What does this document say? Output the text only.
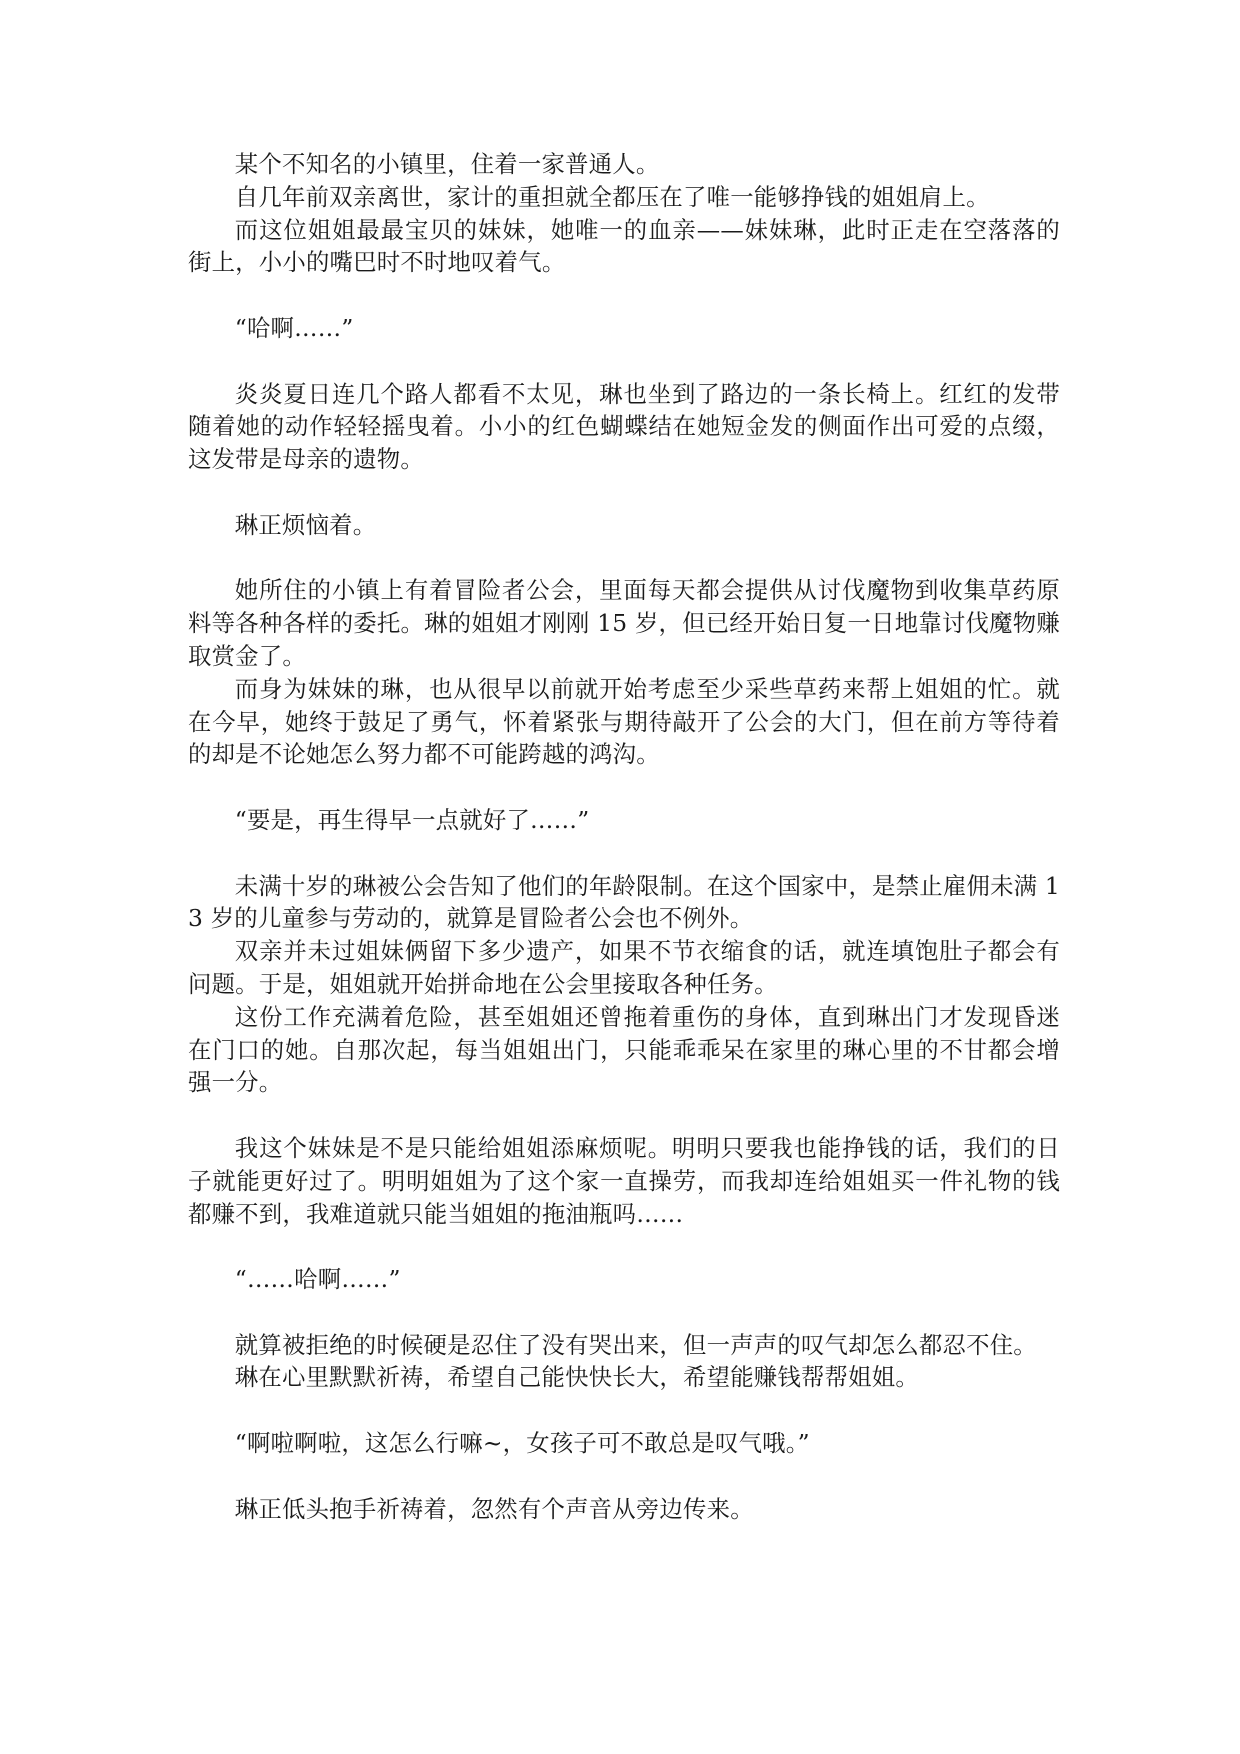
某个不知名的小镇里，住着一家普通人。

自几年前双亲离世，家计的重担就全都压在了唯一能够挣钱的姐姐肩上。

而这位姐姐最最宝贝的妹妹，她唯一的血亲——妹妹琳，此时正走在空落落的街上，小小的嘴巴时不时地叹着气。

“哈啊……”

炎炎夏日连几个路人都看不太见，琳也坐到了路边的一条长椅上。红红的发带随着她的动作轻轻摇曳着。小小的红色蝴蝶结在她短金发的侧面作出可爱的点缀，这发带是母亲的遗物。

琳正烦恼着。

她所住的小镇上有着冒险者公会，里面每天都会提供从讨伐魔物到收集草药原料等各种各样的委托。琳的姐姐才刚刚 15 岁，但已经开始日复一日地靠讨伐魔物赚取赏金了。

而身为妹妹的琳，也从很早以前就开始考虑至少采些草药来帮上姐姐的忙。就在今早，她终于鼓足了勇气，怀着紧张与期待敲开了公会的大门，但在前方等待着的却是不论她怎么努力都不可能跨越的鸿沟。

“要是，再生得早一点就好了……”

未满十岁的琳被公会告知了他们的年龄限制。在这个国家中，是禁止雇佣未满 13 岁的儿童参与劳动的，就算是冒险者公会也不例外。

双亲并未过姐妹俩留下多少遗产，如果不节衣缩食的话，就连填饱肚子都会有问题。于是，姐姐就开始拼命地在公会里接取各种任务。

这份工作充满着危险，甚至姐姐还曾拖着重伤的身体，直到琳出门才发现昏迷在门口的她。自那次起，每当姐姐出门，只能乖乖呆在家里的琳心里的不甘都会增强一分。

我这个妹妹是不是只能给姐姐添麻烦呢。明明只要我也能挣钱的话，我们的日子就能更好过了。明明姐姐为了这个家一直操劳，而我却连给姐姐买一件礼物的钱都赚不到，我难道就只能当姐姐的拖油瓶吗……

“……哈啊……”

就算被拒绝的时候硬是忍住了没有哭出来，但一声声的叹气却怎么都忍不住。

琳在心里默默祈祷，希望自己能快快长大，希望能赚钱帮帮姐姐。

“啊啦啊啦，这怎么行嘛~，女孩子可不敢总是叹气哦。”

琳正低头抱手祈祷着，忽然有个声音从旁边传来。
